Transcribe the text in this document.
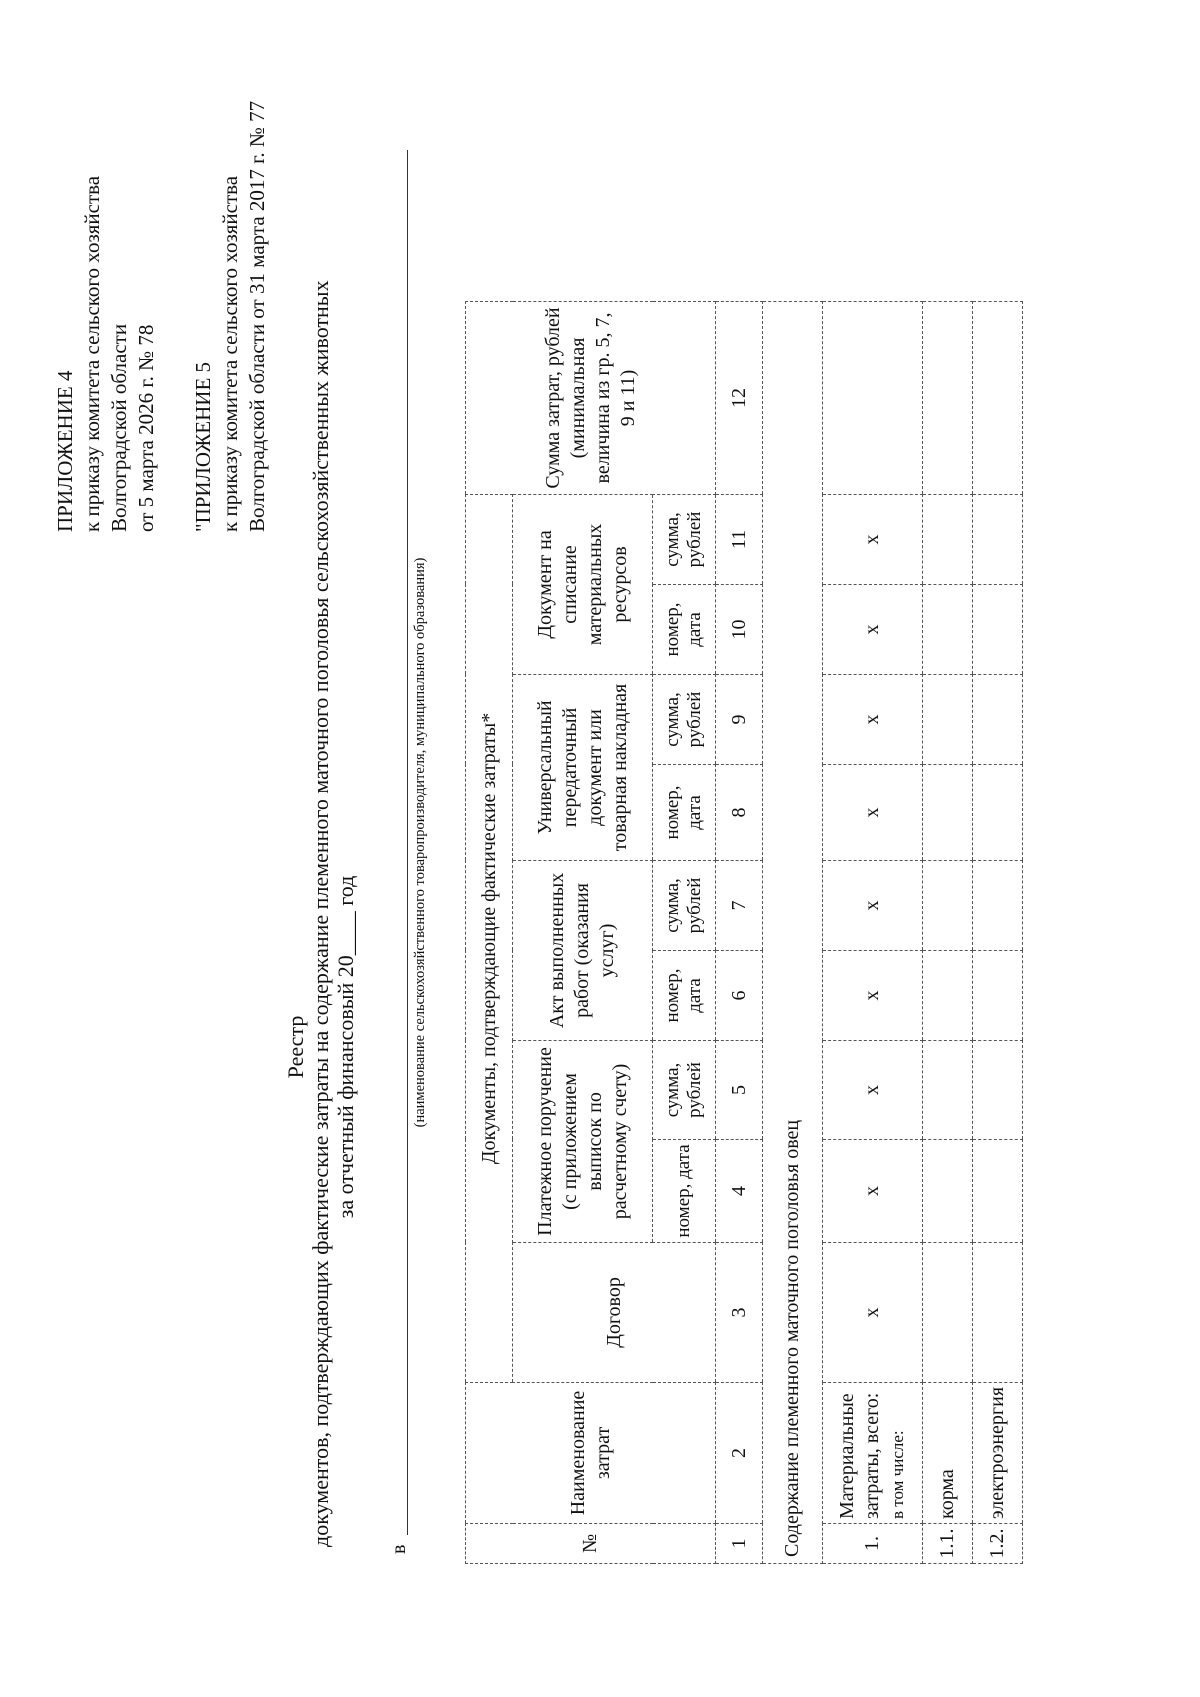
ПРИЛОЖЕНИЕ 4 к приказу комитета сельского хозяйства Волгоградской области от 5 марта 2026 г. № 78 "ПРИЛОЖЕНИЕ 5 к приказу комитета сельского хозяйства Волгоградской области от 31 марта 2017 г. № 77
Реестр документов, подтверждающих фактические затраты на содержание племенного маточного поголовья сельскохозяйственных животных за отчетный финансовый 20____ год
в
(наименование сельскохозяйственного товаропроизводителя, муниципального образования)
№	Наименование затрат	Документы, подтверждающие фактические затраты*									Сумма затрат, рублей (минимальная величина из гр. 5, 7, 9 и 11)
		Договор	Платежное поручение (с приложением выписок по расчетному счету)		Акт выполненных работ (оказания услуг)		Универсальный передаточный документ или товарная накладная		Документ на списание материальных ресурсов		
			номер, дата	сумма, рублей	номер, дата	сумма, рублей	номер, дата	сумма, рублей	номер, дата	сумма, рублей	
1	2	3	4	5	6	7	8	9	10	11	12
Содержание племенного маточного поголовья овец											
1.	Материальные затраты, всего: в том числе:	х	х	х	х	х	х	х	х	х	
1.1.	корма										
1.2.	электроэнергия										
